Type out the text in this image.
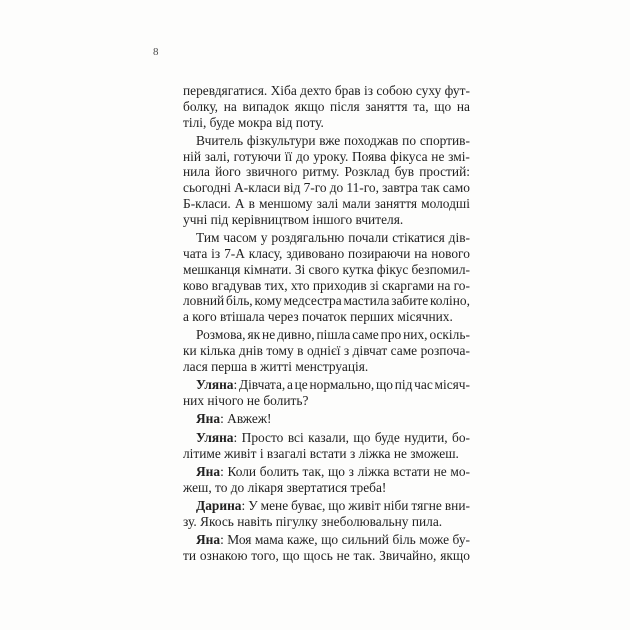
8
перевдягатися. Хіба дехто брав із собою суху фут-
болку, на випадок якщо після заняття та, що на
тілі, буде мокра від поту.
Вчитель фізкультури вже походжав по спортив-
ній залі, готуючи її до уроку. Поява фікуса не змі-
нила його звичного ритму. Розклад був простий:
сьогодні А-класи від 7-го до 11-го, завтра так само
Б-класи. А в меншому залі мали заняття молодші
учні під керівництвом іншого вчителя.
Тим часом у роздягальню почали стікатися дів-
чата із 7-А класу, здивовано позираючи на нового
мешканця кімнати. Зі свого кутка фікус безпомил-
ково вгадував тих, хто приходив зі скаргами на го-
ловний біль, кому медсестра мастила забите коліно,
а кого втішала через початок перших місячних.
Розмова, як не дивно, пішла саме про них, оскіль-
ки кілька днів тому в однієї з дівчат саме розпоча-
лася перша в житті менструація.
Уляна: Дівчата, а це нормально, що під час місяч-
них нічого не болить?
Яна: Авжеж!
Уляна: Просто всі казали, що буде нудити, бо-
літиме живіт і взагалі встати з ліжка не зможеш.
Яна: Коли болить так, що з ліжка встати не мо-
жеш, то до лікаря звертатися треба!
Дарина: У мене буває, що живіт ніби тягне вни-
зу. Якось навіть пігулку знеболювальну пила.
Яна: Моя мама каже, що сильний біль може бу-
ти ознакою того, що щось не так. Звичайно, якщо
